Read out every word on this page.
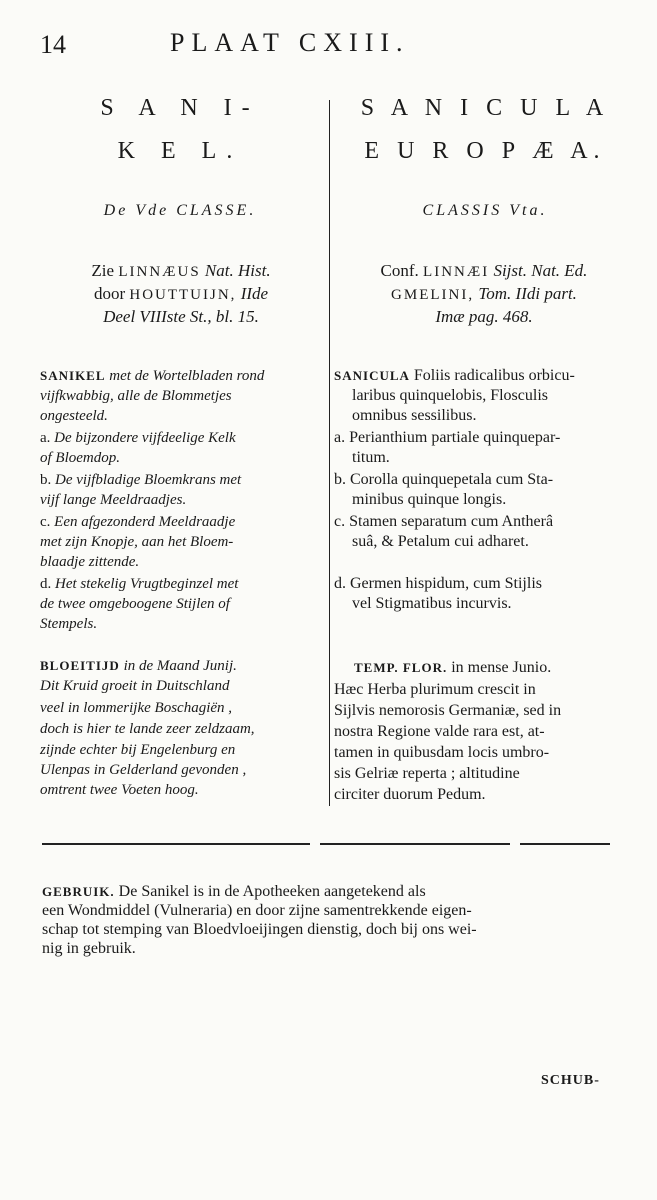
14	PLAAT CXIII.
S A N I-
K E L.
S A N I C U L A
E U R O P Æ A.
De Vde CLASSE.	CLASSIS Vta.
Zie LINNÆUS Nat. Hist.
door HOUTTUIJN, IIde
Deel VIIIste St., bl. 15.
Conf. LINNÆI Sijst. Nat. Ed.
GMELINI, Tom. IIdi part.
Imæ pag. 468.
SANIKEL met de Wortelbladen rond
vijfkwabbig, alle de Blommetjes
ongesteeld.
a. De bijzondere vijfdeelige Kelk
of Bloemdop.
b. De vijfbladige Bloemkrans met
vijf lange Meeldraadjes.
c. Een afgezonderd Meeldraadje
met zijn Knopje, aan het Bloem-
blaadje zittende.
d. Het stekelig Vrugtbeginzel met
de twee omgeboogene Stijlen of
Stempels.
SANICULA Foliis radicalibus orbicu-
laribus quinquelobis, Flosculis
omnibus sessilibus.
a. Perianthium partiale quinquepar-
titum.
b. Corolla quinquepetala cum Sta-
minibus quinque longis.
c. Stamen separatum cum Antherâ
suâ, & Petalum cui adharet.
d. Germen hispidum, cum Stijlis
vel Stigmatibus incurvis.
BLOEITIJD in de Maand Junij.
Dit Kruid groeit in Duitschland
veel in lommerijke Boschagiën ,
doch is hier te lande zeer zeldzaam,
zijnde echter bij Engelenburg en
Ulenpas in Gelderland gevonden ,
omtrent twee Voeten hoog.
TEMP. FLOR. in mense Junio.
Hæc Herba plurimum crescit in
Sijlvis nemorosis Germaniæ, sed in
nostra Regione valde rara est, at-
tamen in quibusdam locis umbro-
sis Gelriæ reperta ; altitudine
circiter duorum Pedum.
GEBRUIK. De Sanikel is in de Apotheeken aangetekend als
een Wondmiddel (Vulneraria) en door zijne samentrekkende eigen-
schap tot stemping van Bloedvloeijingen dienstig, doch bij ons wei-
nig in gebruik.
SCHUB-
